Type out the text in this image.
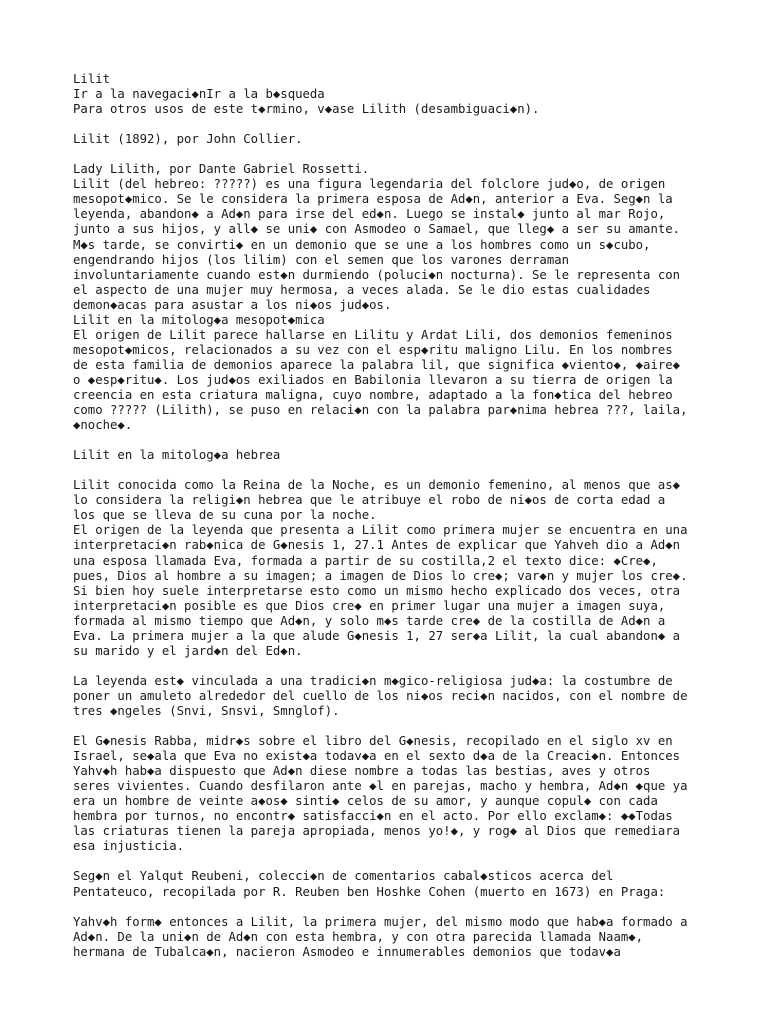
Lilit
Ir a la navegaci◆nIr a la b◆squeda
Para otros usos de este t◆rmino, v◆ase Lilith (desambiguaci◆n).

Lilit (1892), por John Collier.

Lady Lilith, por Dante Gabriel Rossetti.
Lilit (del hebreo: ?????) es una figura legendaria del folclore jud◆o, de origen
mesopot◆mico. Se le considera la primera esposa de Ad◆n, anterior a Eva. Seg◆n la
leyenda, abandon◆ a Ad◆n para irse del ed◆n. Luego se instal◆ junto al mar Rojo,
junto a sus hijos, y all◆ se uni◆ con Asmodeo o Samael, que lleg◆ a ser su amante.
M◆s tarde, se convirti◆ en un demonio que se une a los hombres como un s◆cubo,
engendrando hijos (los lilim) con el semen que los varones derraman
involuntariamente cuando est◆n durmiendo (poluci◆n nocturna). Se le representa con
el aspecto de una mujer muy hermosa, a veces alada. Se le dio estas cualidades
demon◆acas para asustar a los ni◆os jud◆os.
Lilit en la mitolog◆a mesopot◆mica
El origen de Lilit parece hallarse en Lilitu y Ardat Lili, dos demonios femeninos
mesopot◆micos, relacionados a su vez con el esp◆ritu maligno Lilu. En los nombres
de esta familia de demonios aparece la palabra lil, que significa ◆viento◆, ◆aire◆
o ◆esp◆ritu◆. Los jud◆os exiliados en Babilonia llevaron a su tierra de origen la
creencia en esta criatura maligna, cuyo nombre, adaptado a la fon◆tica del hebreo
como ????? (Lilith), se puso en relaci◆n con la palabra par◆nima hebrea ???, laila,
◆noche◆.

Lilit en la mitolog◆a hebrea

Lilit conocida como la Reina de la Noche, es un demonio femenino, al menos que as◆
lo considera la religi◆n hebrea que le atribuye el robo de ni◆os de corta edad a
los que se lleva de su cuna por la noche.
El origen de la leyenda que presenta a Lilit como primera mujer se encuentra en una
interpretaci◆n rab◆nica de G◆nesis 1, 27.1 Antes de explicar que Yahveh dio a Ad◆n
una esposa llamada Eva, formada a partir de su costilla,2 el texto dice: ◆Cre◆,
pues, Dios al hombre a su imagen; a imagen de Dios lo cre◆; var◆n y mujer los cre◆.
Si bien hoy suele interpretarse esto como un mismo hecho explicado dos veces, otra
interpretaci◆n posible es que Dios cre◆ en primer lugar una mujer a imagen suya,
formada al mismo tiempo que Ad◆n, y solo m◆s tarde cre◆ de la costilla de Ad◆n a
Eva. La primera mujer a la que alude G◆nesis 1, 27 ser◆a Lilit, la cual abandon◆ a
su marido y el jard◆n del Ed◆n.

La leyenda est◆ vinculada a una tradici◆n m◆gico-religiosa jud◆a: la costumbre de
poner un amuleto alrededor del cuello de los ni◆os reci◆n nacidos, con el nombre de
tres ◆ngeles (Snvi, Snsvi, Smnglof).

El G◆nesis Rabba, midr◆s sobre el libro del G◆nesis, recopilado en el siglo xv en
Israel, se◆ala que Eva no exist◆a todav◆a en el sexto d◆a de la Creaci◆n. Entonces
Yahv◆h hab◆a dispuesto que Ad◆n diese nombre a todas las bestias, aves y otros
seres vivientes. Cuando desfilaron ante ◆l en parejas, macho y hembra, Ad◆n ◆que ya
era un hombre de veinte a◆os◆ sinti◆ celos de su amor, y aunque copul◆ con cada
hembra por turnos, no encontr◆ satisfacci◆n en el acto. Por ello exclam◆: ◆◆Todas
las criaturas tienen la pareja apropiada, menos yo!◆, y rog◆ al Dios que remediara
esa injusticia.

Seg◆n el Yalqut Reubeni, colecci◆n de comentarios cabal◆sticos acerca del
Pentateuco, recopilada por R. Reuben ben Hoshke Cohen (muerto en 1673) en Praga:

Yahv◆h form◆ entonces a Lilit, la primera mujer, del mismo modo que hab◆a formado a
Ad◆n. De la uni◆n de Ad◆n con esta hembra, y con otra parecida llamada Naam◆,
hermana de Tubalca◆n, nacieron Asmodeo e innumerables demonios que todav◆a
